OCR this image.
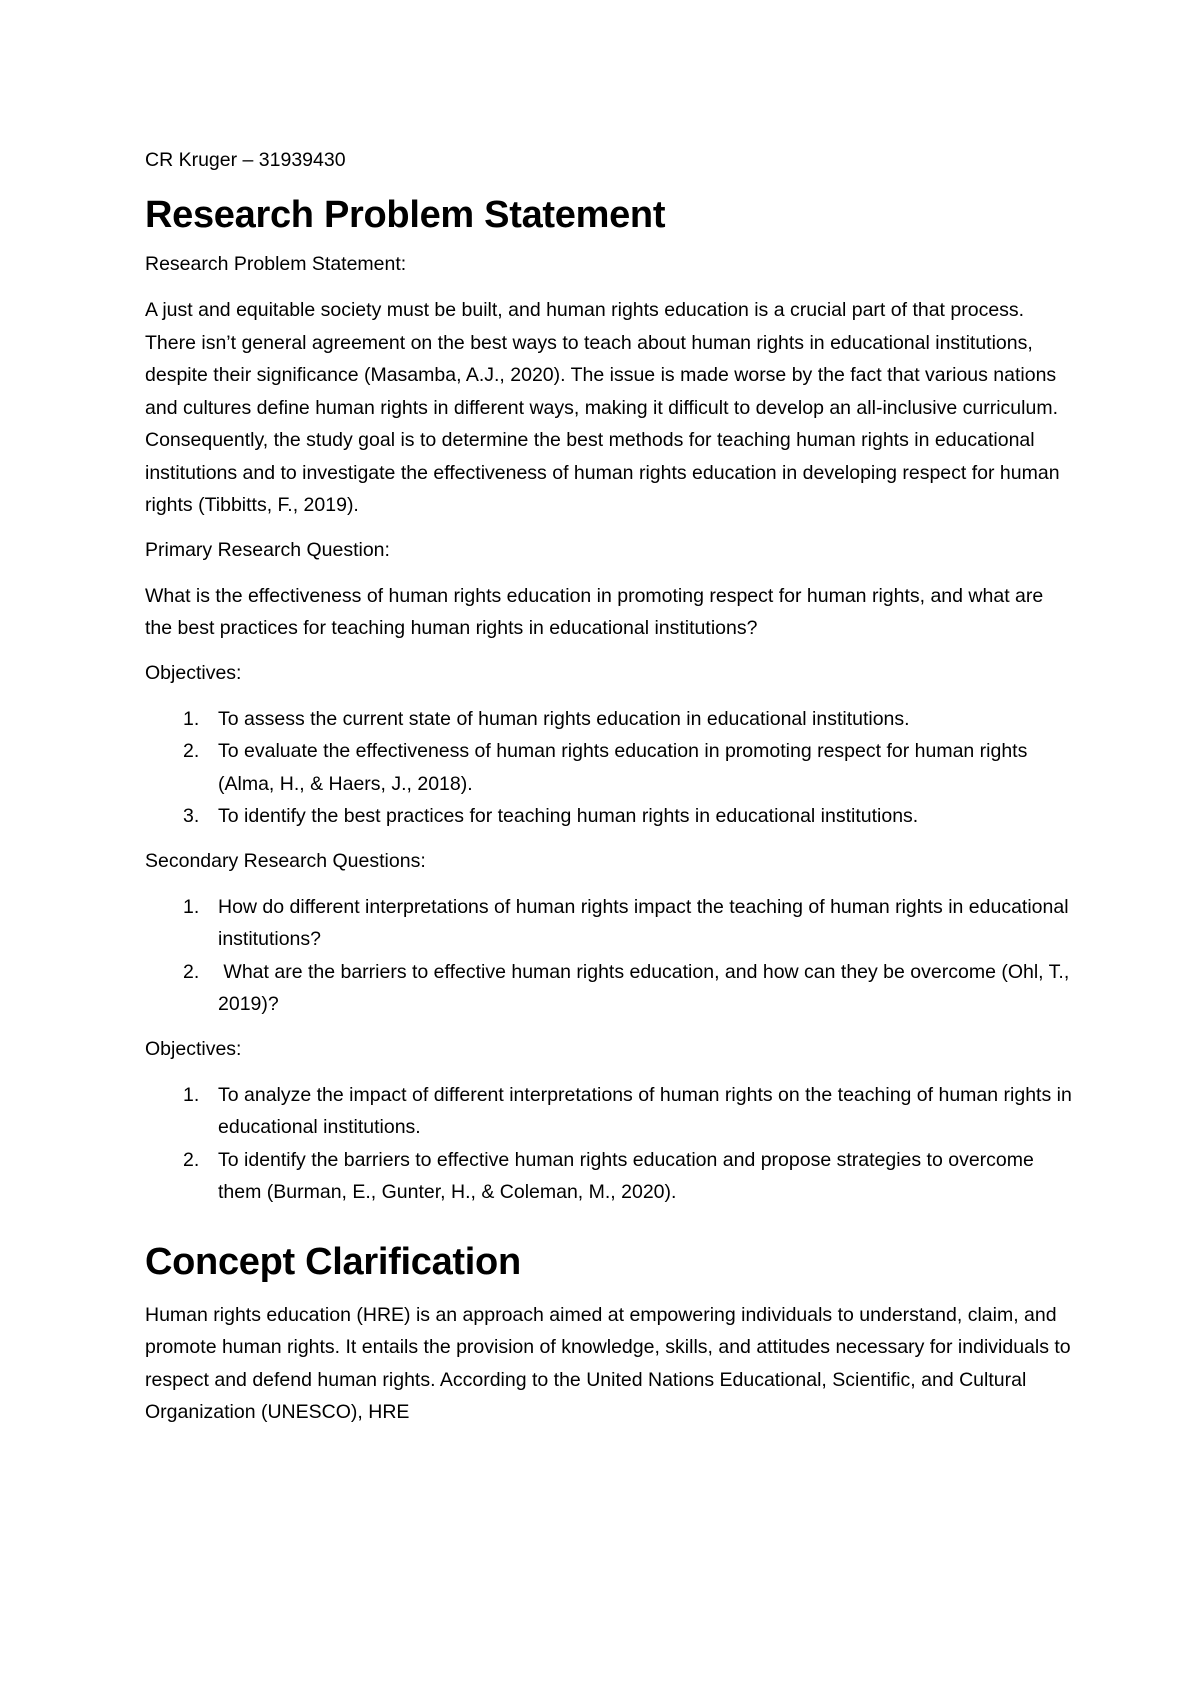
CR Kruger – 31939430
Research Problem Statement
Research Problem Statement:

A just and equitable society must be built, and human rights education is a crucial part of that process. There isn’t general agreement on the best ways to teach about human rights in educational institutions, despite their significance (Masamba, A.J., 2020). The issue is made worse by the fact that various nations and cultures define human rights in different ways, making it difficult to develop an all-inclusive curriculum. Consequently, the study goal is to determine the best methods for teaching human rights in educational institutions and to investigate the effectiveness of human rights education in developing respect for human rights (Tibbitts, F., 2019).

Primary Research Question:

What is the effectiveness of human rights education in promoting respect for human rights, and what are the best practices for teaching human rights in educational institutions?

Objectives:
1. To assess the current state of human rights education in educational institutions.
2. To evaluate the effectiveness of human rights education in promoting respect for human rights (Alma, H., & Haers, J., 2018).
3. To identify the best practices for teaching human rights in educational institutions.
Secondary Research Questions:
1. How do different interpretations of human rights impact the teaching of human rights in educational institutions?
2. What are the barriers to effective human rights education, and how can they be overcome (Ohl, T., 2019)?
Objectives:
1. To analyze the impact of different interpretations of human rights on the teaching of human rights in educational institutions.
2. To identify the barriers to effective human rights education and propose strategies to overcome them (Burman, E., Gunter, H., & Coleman, M., 2020).
Concept Clarification

Human rights education (HRE) is an approach aimed at empowering individuals to understand, claim, and promote human rights. It entails the provision of knowledge, skills, and attitudes necessary for individuals to respect and defend human rights. According to the United Nations Educational, Scientific, and Cultural Organization (UNESCO), HRE
